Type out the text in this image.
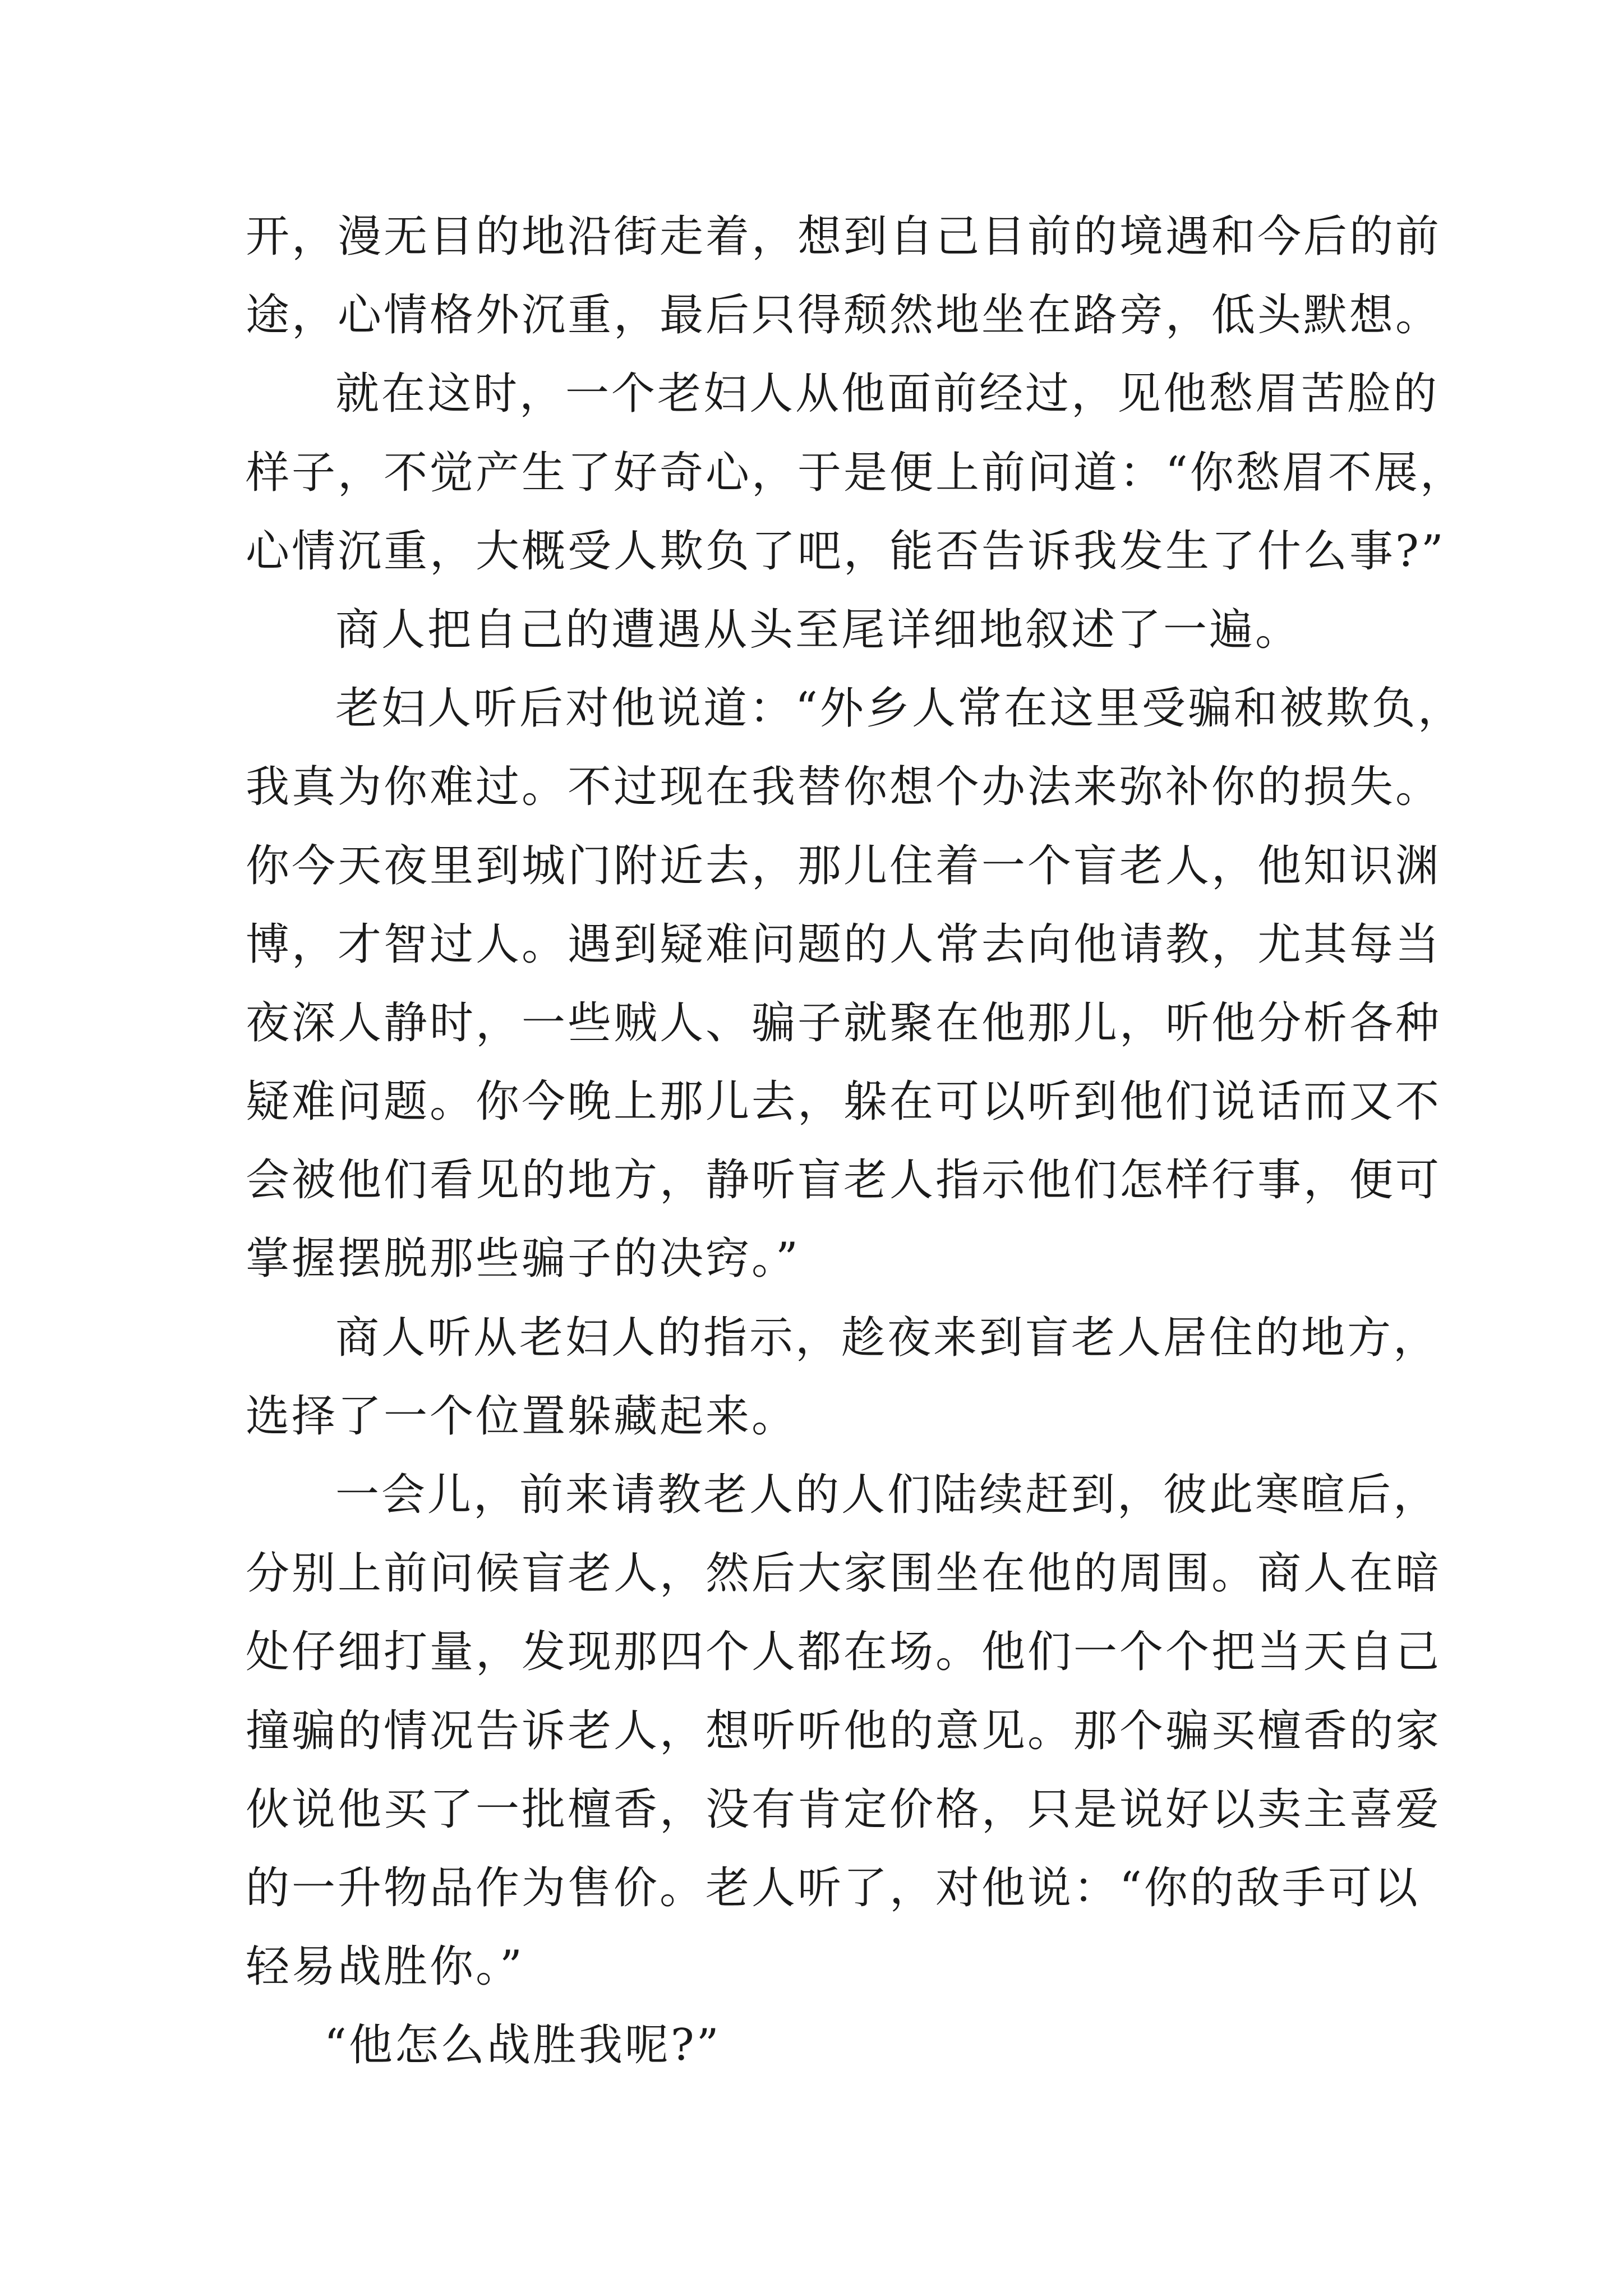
开，漫无目的地沿街走着，想到自己目前的境遇和今后的前
途，心情格外沉重，最后只得颓然地坐在路旁，低头默想。
就在这时，一个老妇人从他面前经过，见他愁眉苦脸的
样子，不觉产生了好奇心，于是便上前问道：“你愁眉不展，
心情沉重，大概受人欺负了吧，能否告诉我发生了什么事?”
商人把自己的遭遇从头至尾详细地叙述了一遍。
老妇人听后对他说道：“外乡人常在这里受骗和被欺负，
我真为你难过。不过现在我替你想个办法来弥补你的损失。
你今天夜里到城门附近去，那儿住着一个盲老人，他知识渊
博，才智过人。遇到疑难问题的人常去向他请教，尤其每当
夜深人静时，一些贼人、骗子就聚在他那儿，听他分析各种
疑难问题。你今晚上那儿去，躲在可以听到他们说话而又不
会被他们看见的地方，静听盲老人指示他们怎样行事，便可
掌握摆脱那些骗子的决窍。”
商人听从老妇人的指示，趁夜来到盲老人居住的地方，
选择了一个位置躲藏起来。
一会儿，前来请教老人的人们陆续赶到，彼此寒暄后，
分别上前问候盲老人，然后大家围坐在他的周围。商人在暗
处仔细打量，发现那四个人都在场。他们一个个把当天自己
撞骗的情况告诉老人，想听听他的意见。那个骗买檀香的家
伙说他买了一批檀香，没有肯定价格，只是说好以卖主喜爱
的一升物品作为售价。老人听了，对他说：“你的敌手可以
轻易战胜你。”
“他怎么战胜我呢?”
